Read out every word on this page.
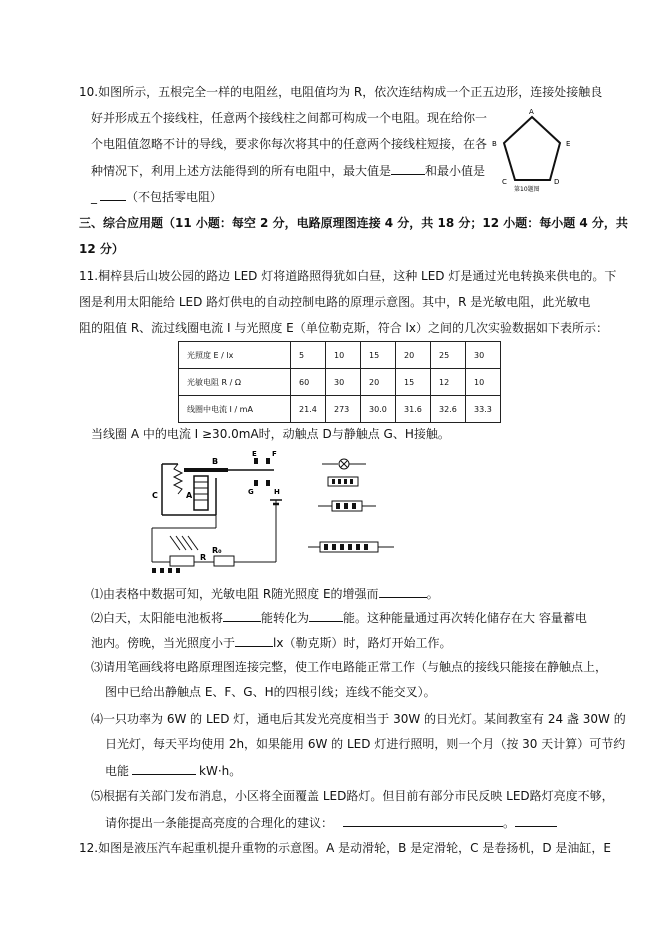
10.如图所示，五根完全一样的电阻丝，电阻值均为 R，依次连结构成一个正五边形，连接处接触良
好并形成五个接线柱，任意两个接线柱之间都可构成一个电阻。现在给你一
个电阻值忽略不计的导线，要求你每次将其中的任意两个接线柱短接，在各
种情况下，利用上述方法能得到的所有电阻中，最大值是	和最小值是
_ （不包括零电阻）
A
B	E
C	D
第10题图
三、综合应用题（11 小题：每空 2 分，电路原理图连接 4 分，共 18 分；12 小题：每小题 4 分，共
12 分）
11.桐梓县后山坡公园的路边 LED 灯将道路照得犹如白昼，这种 LED 灯是通过光电转换来供电的。下
图是利用太阳能给 LED 路灯供电的自动控制电路的原理示意图。其中，R 是光敏电阻，此光敏电
阻的阻值 R、流过线圈电流 I 与光照度 E（单位勒克斯，符合 lx）之间的几次实验数据如下表所示：
光照度 E / lx	5	10	15	20	25	30
光敏电阻 R / Ω	60	30	20	15	12	10
线圈中电流 I / mA	21.4	273	30.0	31.6	32.6	33.3
当线圈 A 中的电流 I ≥30.0mA时，动触点 D与静触点 G、H接触。
C
B
A
E F
G	H
R
R₀
⑴由表格中数据可知，光敏电阻 R随光照度 E的增强而	。
⑵白天，太阳能电池板将	能转化为	能。这种能量通过再次转化储存在大 容量蓄电
池内。傍晚，当光照度小于	lx（勒克斯）时，路灯开始工作。
⑶请用笔画线将电路原理图连接完整，使工作电路能正常工作（与触点的接线只能接在静触点上，
图中已给出静触点 E、F、G、H的四根引线；连线不能交叉）。
⑷一只功率为 6W 的 LED 灯，通电后其发光亮度相当于 30W 的日光灯。某间教室有 24 盏 30W 的
日光灯，每天平均使用 2h，如果能用 6W 的 LED 灯进行照明，则一个月（按 30 天计算）可节约
电能	kW·h。
⑸根据有关部门发布消息，小区将全面覆盖 LED路灯。但目前有部分市民反映 LED路灯亮度不够，
请你提出一条能提高亮度的合理化的建议：	。
12.如图是液压汽车起重机提升重物的示意图。A 是动滑轮，B 是定滑轮，C 是卷扬机，D 是油缸，E
